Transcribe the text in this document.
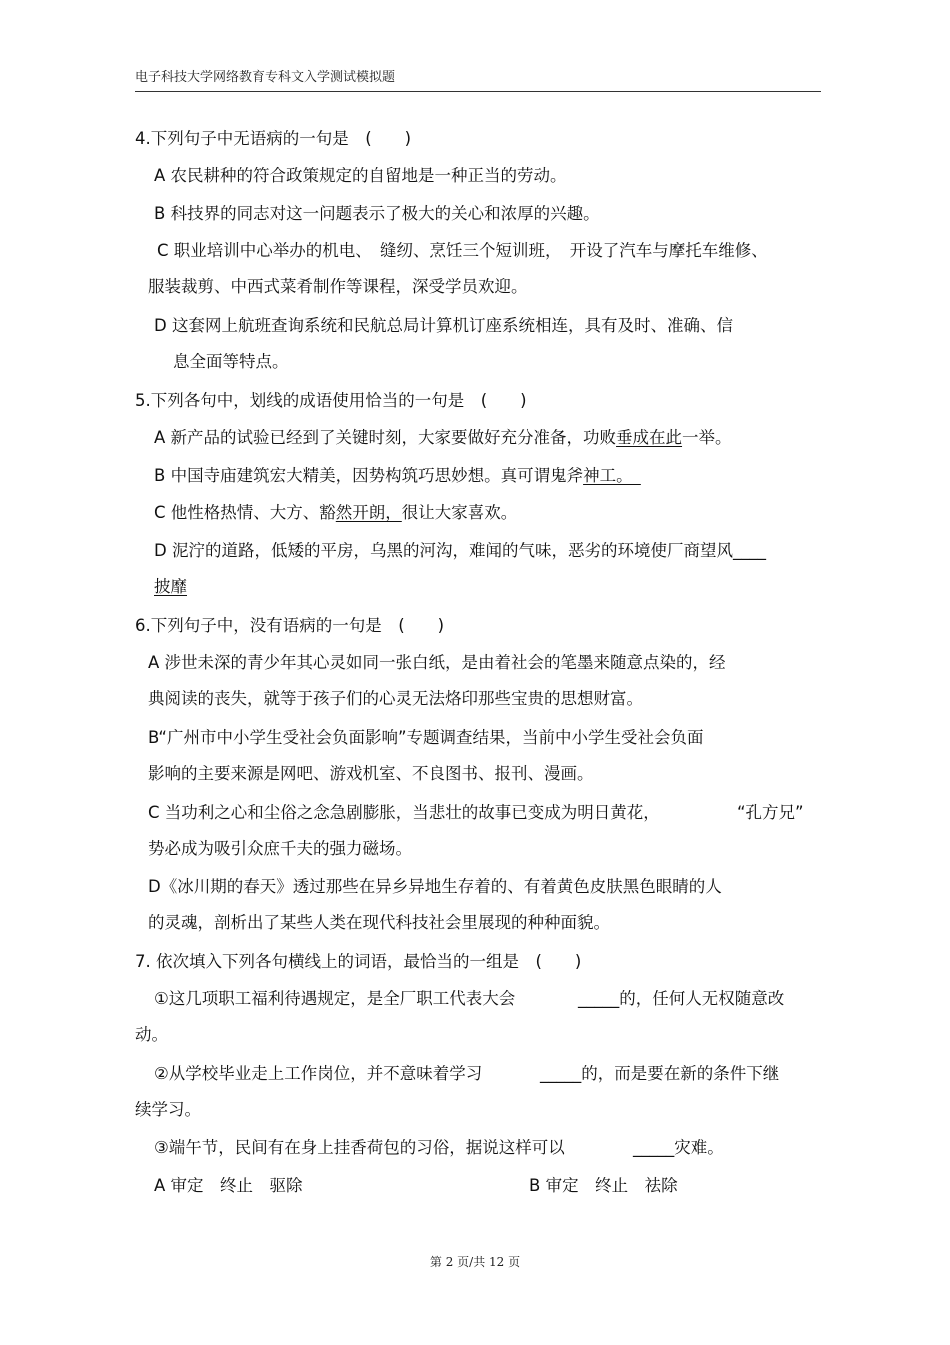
电子科技大学网络教育专科文入学测试模拟题
4.下列句子中无语病的一句是　(　　)
A 农民耕种的符合政策规定的自留地是一种正当的劳动。
B 科技界的同志对这一问题表示了极大的关心和浓厚的兴趣。
C 职业培训中心举办的机电、　缝纫、烹饪三个短训班，　开设了汽车与摩托车维修、
服装裁剪、中西式菜肴制作等课程，深受学员欢迎。
D 这套网上航班查询系统和民航总局计算机订座系统相连，具有及时、准确、信
息全面等特点。
5.下列各句中，划线的成语使用恰当的一句是　(　　)
A 新产品的试验已经到了关键时刻，大家要做好充分准备，功败垂成在此一举。
B 中国寺庙建筑宏大精美，因势构筑巧思妙想。真可谓鬼斧神工。　
C 他性格热情、大方、豁然开朗，很让大家喜欢。
D 泥泞的道路，低矮的平房，乌黑的河沟，难闻的气味，恶劣的环境使厂商望风____
披靡
6.下列句子中，没有语病的一句是　(　　)
A 涉世未深的青少年其心灵如同一张白纸，是由着社会的笔墨来随意点染的，经
典阅读的丧失，就等于孩子们的心灵无法烙印那些宝贵的思想财富。
B“广州市中小学生受社会负面影响”专题调查结果，当前中小学生受社会负面
影响的主要来源是网吧、游戏机室、不良图书、报刊、漫画。
C 当功利之心和尘俗之念急剧膨胀，当悲壮的故事已变成为明日黄花，	“孔方兄”
势必成为吸引众庶千夫的强力磁场。
D《冰川期的春天》透过那些在异乡异地生存着的、有着黄色皮肤黑色眼睛的人
的灵魂，剖析出了某些人类在现代科技社会里展现的种种面貌。
7. 依次填入下列各句横线上的词语，最恰当的一组是　(　　)
①这几项职工福利待遇规定，是全厂职工代表大会	_____的，任何人无权随意改
动。
②从学校毕业走上工作岗位，并不意味着学习	_____的，而是要在新的条件下继
续学习。
③端午节，民间有在身上挂香荷包的习俗，据说这样可以	_____灾难。
A 审定　终止　驱除	B 审定　终止　祛除
第 2 页/共 12 页
